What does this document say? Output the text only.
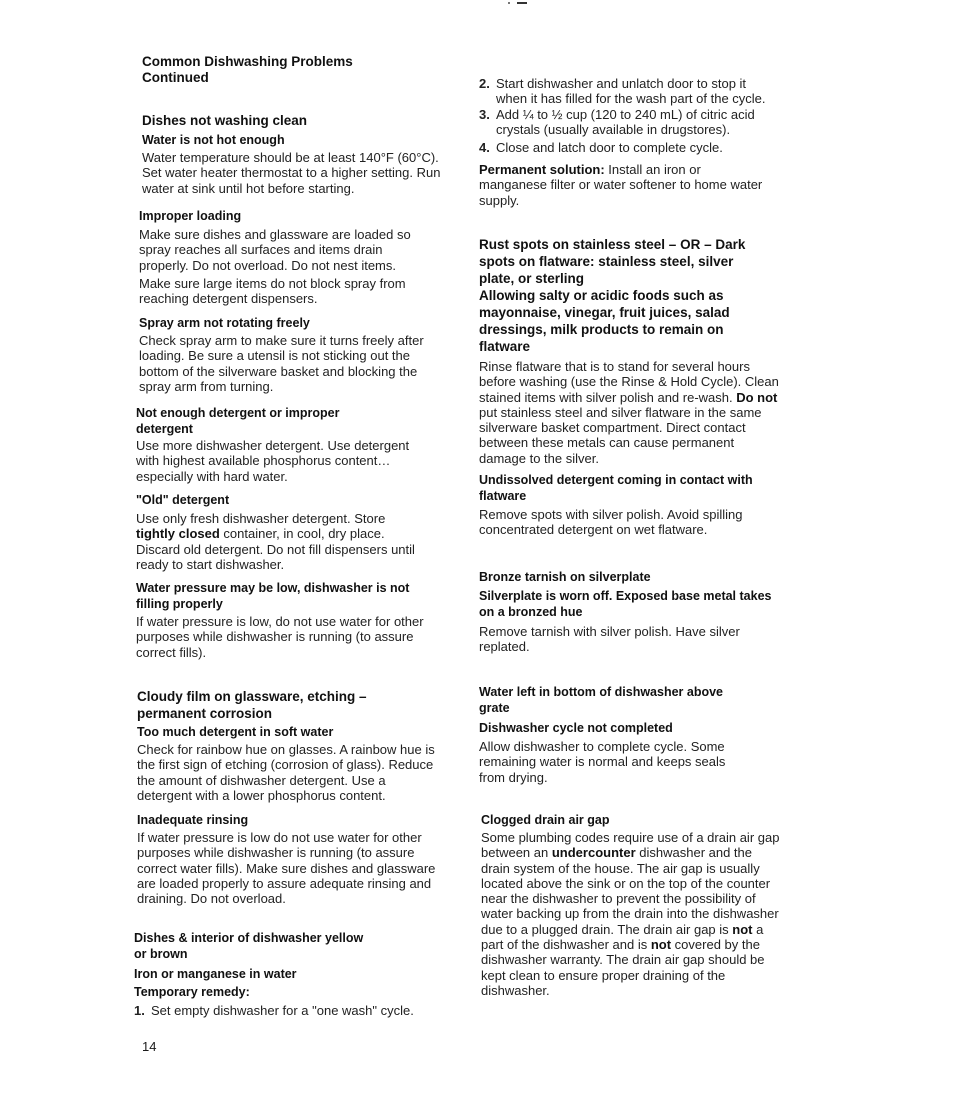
Common Dishwashing Problems
Continued
Dishes not washing clean
Water is not hot enough

Water temperature should be at least 140°F (60°C). Set water heater thermostat to a higher setting. Run water at sink until hot before starting.

Improper loading

Make sure dishes and glassware are loaded so spray reaches all surfaces and items drain properly. Do not overload. Do not nest items.

Make sure large items do not block spray from reaching detergent dispensers.

Spray arm not rotating freely

Check spray arm to make sure it turns freely after loading. Be sure a utensil is not sticking out the bottom of the silverware basket and blocking the spray arm from turning.

Not enough detergent or improper detergent

Use more dishwasher detergent. Use detergent with highest available phosphorus content… especially with hard water.

"Old" detergent

Use only fresh dishwasher detergent. Store tightly closed container, in cool, dry place. Discard old detergent. Do not fill dispensers until ready to start dishwasher.

Water pressure may be low, dishwasher is not filling properly

If water pressure is low, do not use water for other purposes while dishwasher is running (to assure correct fills).

Cloudy film on glassware, etching – permanent corrosion
Too much detergent in soft water

Check for rainbow hue on glasses. A rainbow hue is the first sign of etching (corrosion of glass). Reduce the amount of dishwasher detergent. Use a detergent with a lower phosphorus content.

Inadequate rinsing

If water pressure is low do not use water for other purposes while dishwasher is running (to assure correct water fills). Make sure dishes and glassware are loaded properly to assure adequate rinsing and draining. Do not overload.

Dishes & interior of dishwasher yellow or brown
Iron or manganese in water
Temporary remedy:
1. Set empty dishwasher for a "one wash" cycle.
2. Start dishwasher and unlatch door to stop it when it has filled for the wash part of the cycle.
3. Add ¼ to ½ cup (120 to 240 mL) of citric acid crystals (usually available in drugstores).
4. Close and latch door to complete cycle.

Permanent solution: Install an iron or manganese filter or water softener to home water supply.

Rust spots on stainless steel – OR – Dark spots on flatware: stainless steel, silver plate, or sterling
Allowing salty or acidic foods such as mayonnaise, vinegar, fruit juices, salad dressings, milk products to remain on flatware

Rinse flatware that is to stand for several hours before washing (use the Rinse & Hold Cycle). Clean stained items with silver polish and re-wash. Do not put stainless steel and silver flatware in the same silverware basket compartment. Direct contact between these metals can cause permanent damage to the silver.

Undissolved detergent coming in contact with flatware

Remove spots with silver polish. Avoid spilling concentrated detergent on wet flatware.

Bronze tarnish on silverplate
Silverplate is worn off. Exposed base metal takes on a bronzed hue

Remove tarnish with silver polish. Have silver replated.

Water left in bottom of dishwasher above grate
Dishwasher cycle not completed

Allow dishwasher to complete cycle. Some remaining water is normal and keeps seals from drying.

Clogged drain air gap

Some plumbing codes require use of a drain air gap between an undercounter dishwasher and the drain system of the house. The air gap is usually located above the sink or on the top of the counter near the dishwasher to prevent the possibility of water backing up from the drain into the dishwasher due to a plugged drain. The drain air gap is not a part of the dishwasher and is not covered by the dishwasher warranty. The drain air gap should be kept clean to ensure proper draining of the dishwasher.

14
